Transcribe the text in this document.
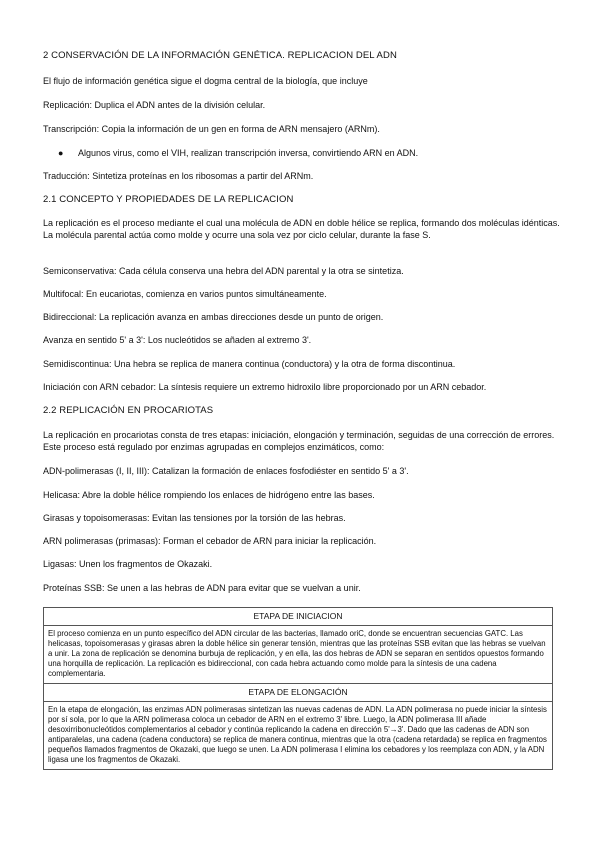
2 CONSERVACIÓN DE LA INFORMACIÓN GENÉTICA. REPLICACION DEL ADN

El flujo de información genética sigue el dogma central de la biología, que incluye

Replicación: Duplica el ADN antes de la división celular.

Transcripción: Copia la información de un gen en forma de ARN mensajero (ARNm).

●	Algunos virus, como el VIH, realizan transcripción inversa, convirtiendo ARN en ADN.

Traducción: Sintetiza proteínas en los ribosomas a partir del ARNm.

2.1 CONCEPTO Y PROPIEDADES DE LA REPLICACION

La replicación es el proceso mediante el cual una molécula de ADN en doble hélice se replica, formando dos moléculas idénticas. La molécula parental actúa como molde y ocurre una sola vez por ciclo celular, durante la fase S.

Semiconservativa: Cada célula conserva una hebra del ADN parental y la otra se sintetiza.

Multifocal: En eucariotas, comienza en varios puntos simultáneamente.

Bidireccional: La replicación avanza en ambas direcciones desde un punto de origen.

Avanza en sentido 5' a 3': Los nucleótidos se añaden al extremo 3'.

Semidiscontinua: Una hebra se replica de manera continua (conductora) y la otra de forma discontinua.

Iniciación con ARN cebador: La síntesis requiere un extremo hidroxilo libre proporcionado por un ARN cebador.

2.2 REPLICACIÓN EN PROCARIOTAS

La replicación en procariotas consta de tres etapas: iniciación, elongación y terminación, seguidas de una corrección de errores. Este proceso está regulado por enzimas agrupadas en complejos enzimáticos, como:

ADN-polimerasas (I, II, III): Catalizan la formación de enlaces fosfodiéster en sentido 5' a 3'.

Helicasa: Abre la doble hélice rompiendo los enlaces de hidrógeno entre las bases.

Girasas y topoisomerasas: Evitan las tensiones por la torsión de las hebras.

ARN polimerasas (primasas): Forman el cebador de ARN para iniciar la replicación.

Ligasas: Unen los fragmentos de Okazaki.

Proteínas SSB: Se unen a las hebras de ADN para evitar que se vuelvan a unir.

ETAPA DE INICIACION
El proceso comienza en un punto específico del ADN circular de las bacterias, llamado oriC, donde se encuentran secuencias GATC. Las helicasas, topoisomerasas y girasas abren la doble hélice sin generar tensión, mientras que las proteínas SSB evitan que las hebras se vuelvan a unir. La zona de replicación se denomina burbuja de replicación, y en ella, las dos hebras de ADN se separan en sentidos opuestos formando una horquilla de replicación. La replicación es bidireccional, con cada hebra actuando como molde para la síntesis de una cadena complementaria.
ETAPA DE ELONGACIÓN
En la etapa de elongación, las enzimas ADN polimerasas sintetizan las nuevas cadenas de ADN. La ADN polimerasa no puede iniciar la síntesis por sí sola, por lo que la ARN polimerasa coloca un cebador de ARN en el extremo 3' libre. Luego, la ADN polimerasa III añade desoxirribonucleótidos complementarios al cebador y continúa replicando la cadena en dirección 5'→3'. Dado que las cadenas de ADN son antiparalelas, una cadena (cadena conductora) se replica de manera continua, mientras que la otra (cadena retardada) se replica en fragmentos pequeños llamados fragmentos de Okazaki, que luego se unen. La ADN polimerasa I elimina los cebadores y los reemplaza con ADN, y la ADN ligasa une los fragmentos de Okazaki.
